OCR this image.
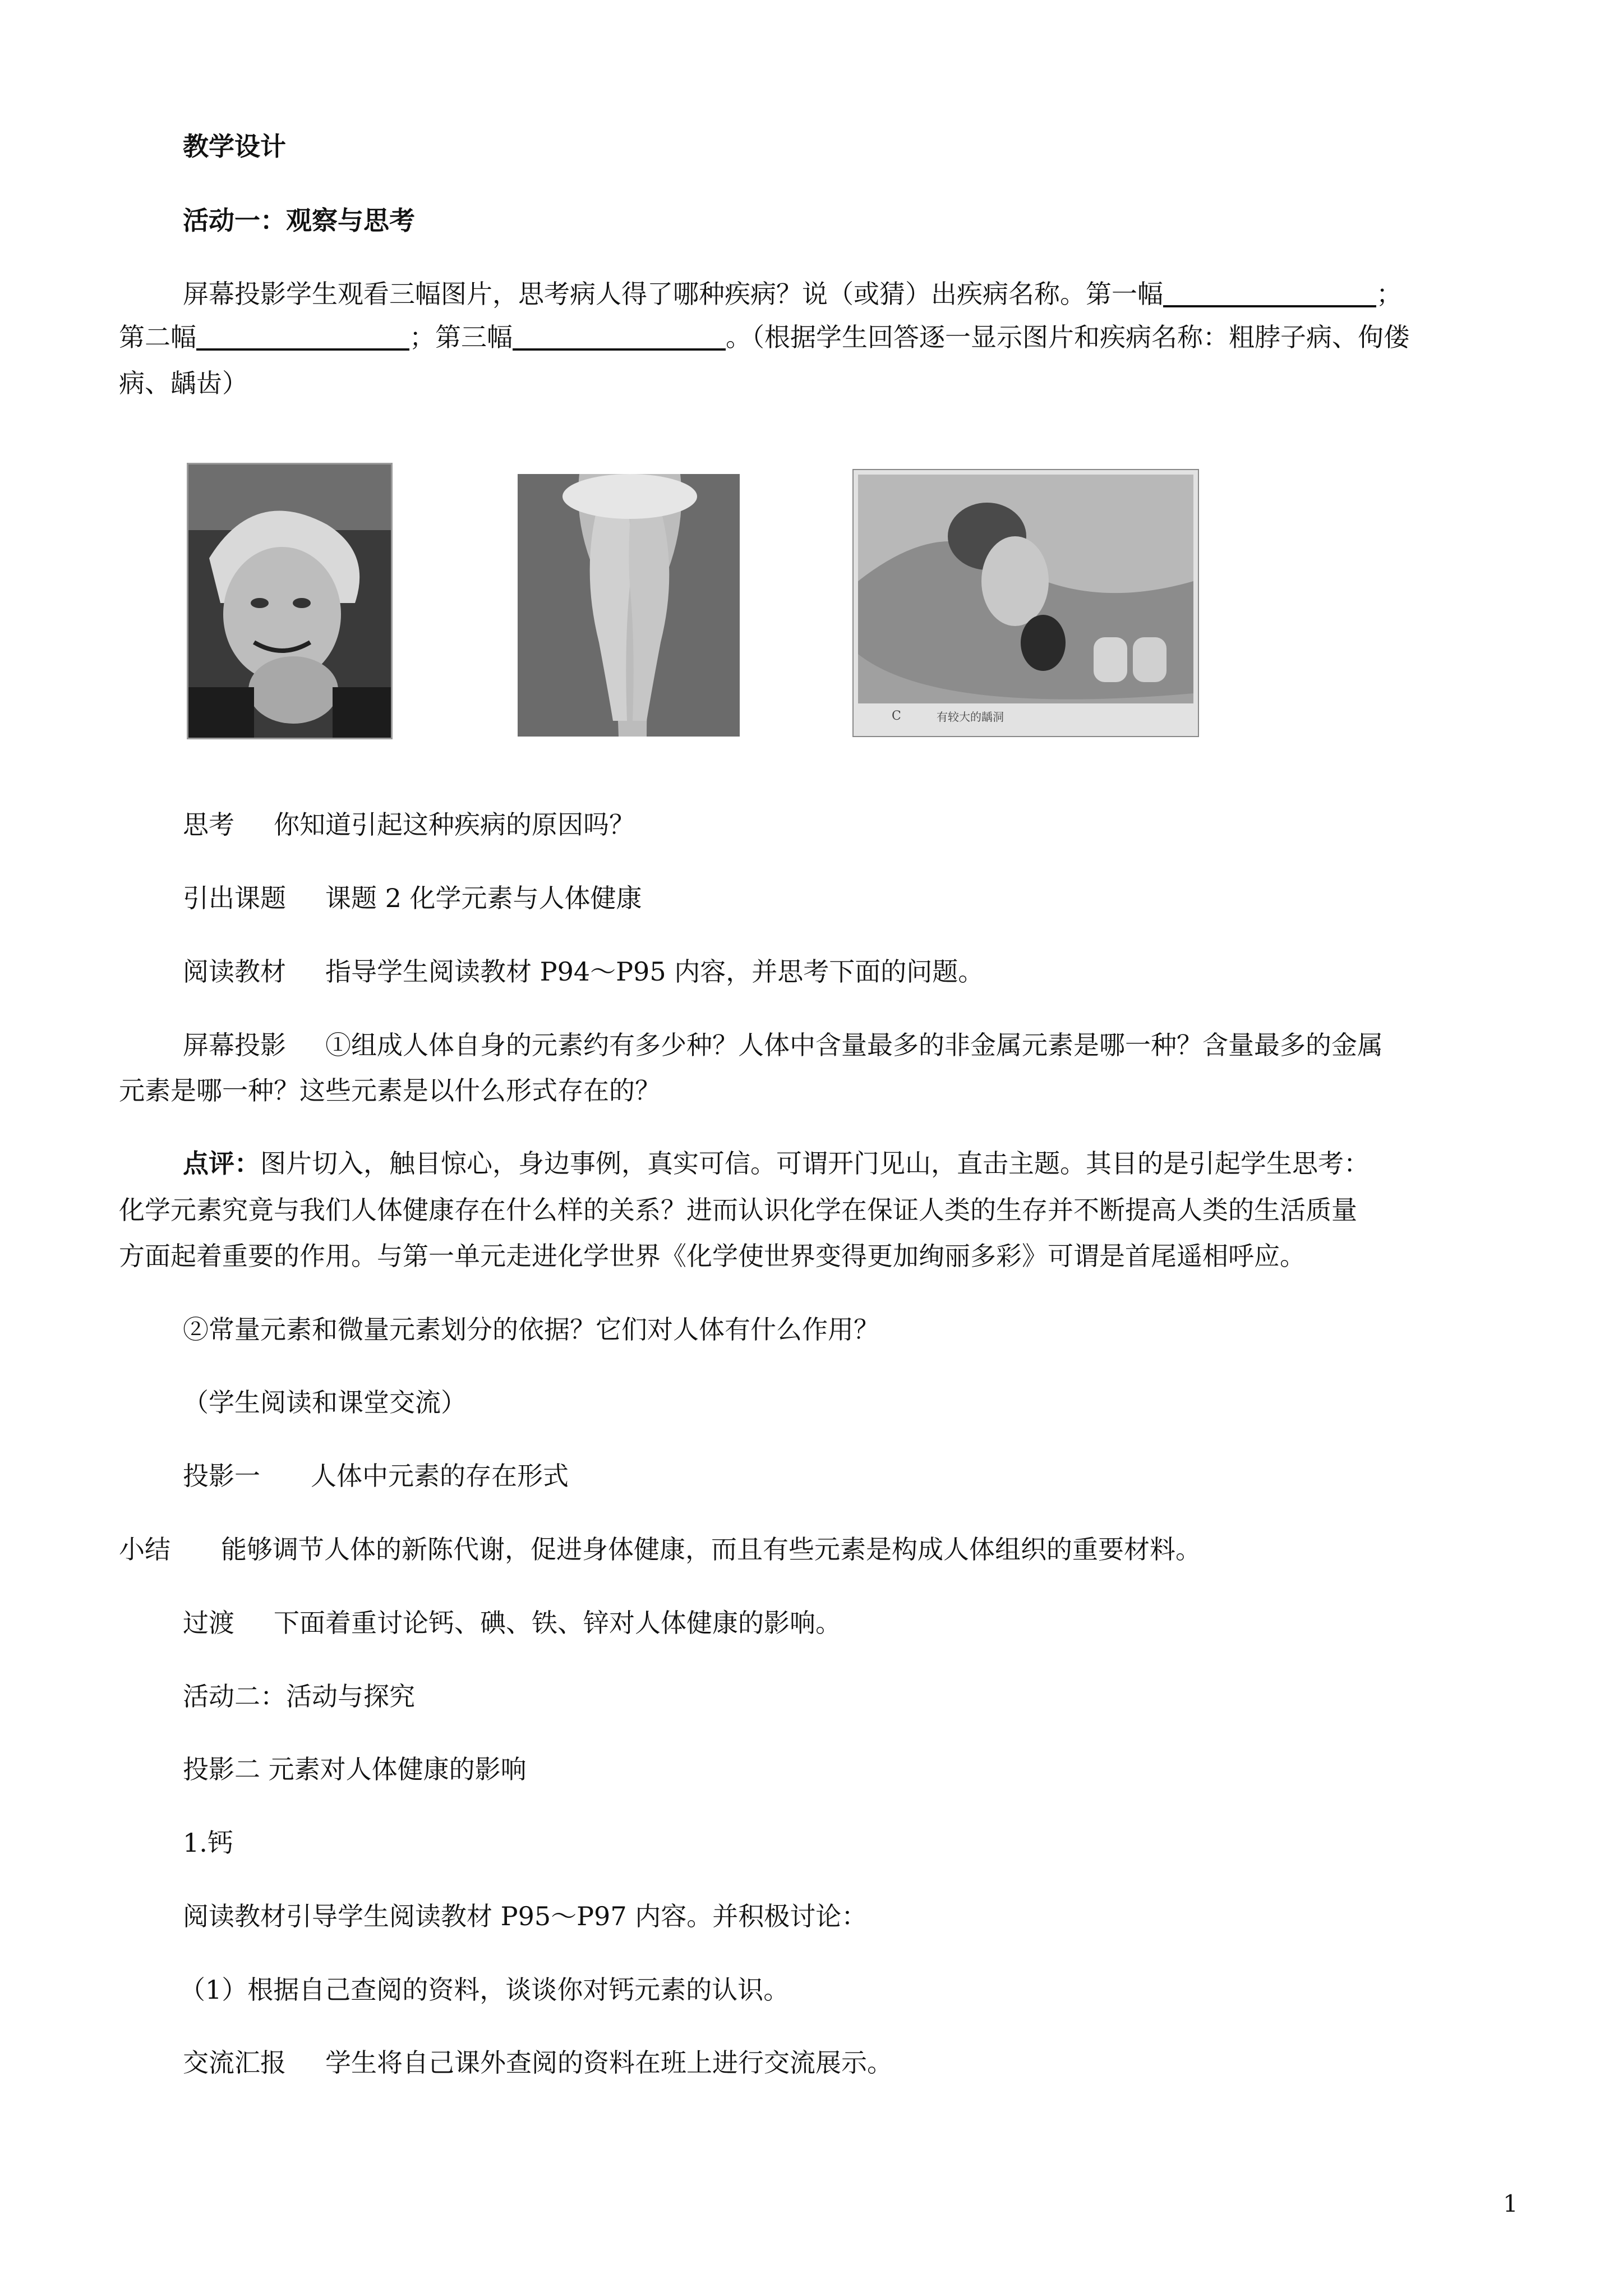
教学设计
活动一：观察与思考
屏幕投影学生观看三幅图片，思考病人得了哪种疾病？说（或猜）出疾病名称。第一幅	；
第二幅	；第三幅	。（根据学生回答逐一显示图片和疾病名称：粗脖子病、佝偻
病、龋齿）
C	有较大的龋洞
思考 你知道引起这种疾病的原因吗？
引出课题 课题 2 化学元素与人体健康
阅读教材 指导学生阅读教材 P94～P95 内容，并思考下面的问题。
屏幕投影 ①组成人体自身的元素约有多少种？人体中含量最多的非金属元素是哪一种？含量最多的金属
元素是哪一种？这些元素是以什么形式存在的？
点评：图片切入，触目惊心，身边事例，真实可信。可谓开门见山，直击主题。其目的是引起学生思考：
化学元素究竟与我们人体健康存在什么样的关系？进而认识化学在保证人类的生存并不断提高人类的生活质量
方面起着重要的作用。与第一单元走进化学世界《化学使世界变得更加绚丽多彩》可谓是首尾遥相呼应。
②常量元素和微量元素划分的依据？它们对人体有什么作用？
（学生阅读和课堂交流）
投影一 人体中元素的存在形式
小结 能够调节人体的新陈代谢，促进身体健康，而且有些元素是构成人体组织的重要材料。
过渡 下面着重讨论钙、碘、铁、锌对人体健康的影响。
活动二：活动与探究
投影二 元素对人体健康的影响
1.钙
阅读教材引导学生阅读教材 P95～P97 内容。并积极讨论：
（1）根据自己查阅的资料，谈谈你对钙元素的认识。
交流汇报 学生将自己课外查阅的资料在班上进行交流展示。
1
